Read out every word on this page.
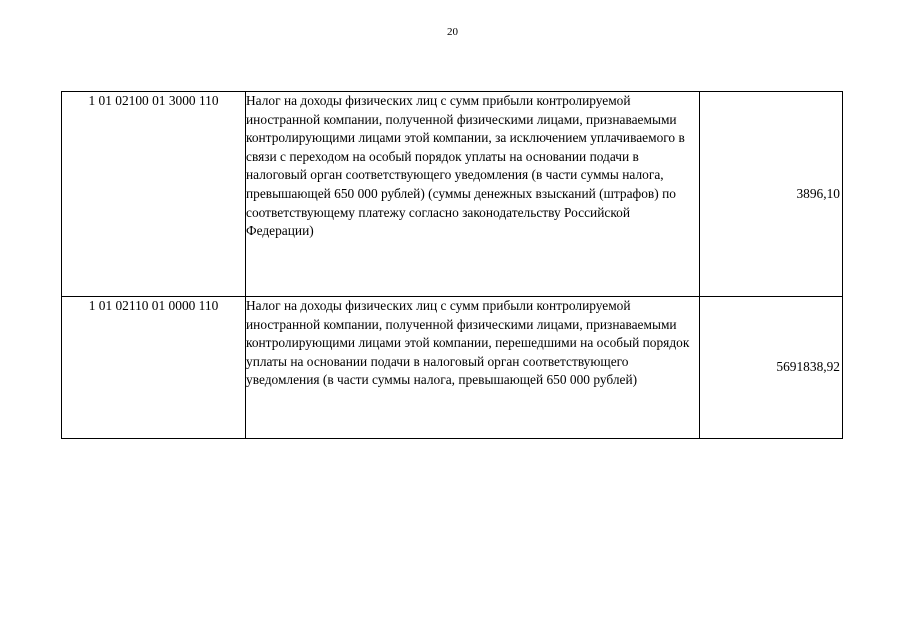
20
1 01 02100 01 3000 110	Налог на доходы физических лиц с сумм прибыли контролируемой иностранной компании, полученной физическими лицами, признаваемыми контролирующими лицами этой компании, за исключением уплачиваемого в связи с переходом на особый порядок уплаты на основании подачи в налоговый орган соответствующего уведомления (в части суммы налога, превышающей 650 000 рублей) (суммы денежных взысканий (штрафов) по соответствующему платежу согласно законодательству Российской Федерации)	3896,10
1 01 02110 01 0000 110	Налог на доходы физических лиц с сумм прибыли контролируемой иностранной компании, полученной физическими лицами, признаваемыми контролирующими лицами этой компании, перешедшими на особый порядок уплаты на основании подачи в налоговый орган соответствующего уведомления (в части суммы налога, превышающей 650 000 рублей)	5691838,92
